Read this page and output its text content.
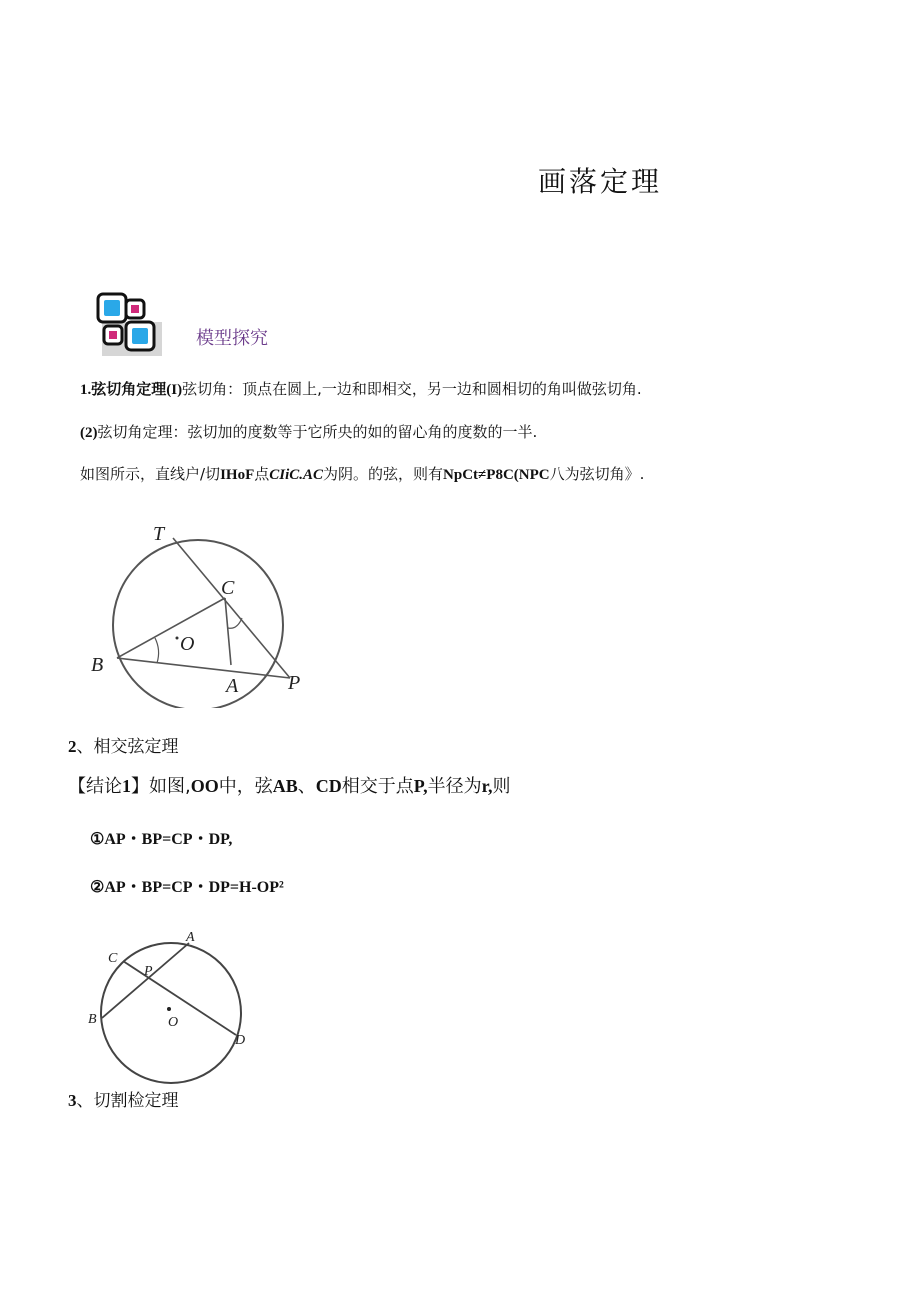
画落定理
模型探究
1.弦切角定理(I)弦切角：顶点在圆上,一边和即相交，另一边和圆相切的角叫做弦切角.
(2)弦切角定理：弦切加的度数等于它所央的如的留心角的度数的一半.
如图所示，直线户/切IHoF点CIiC.AC为阴。的弦，则有NpCt≠P8C(NPC八为弦切角》.
T
C
O
B
A P
2、相交弦定理
【结论1】如图,OO中，弦AB、CD相交于点P,半径为r,则
①AP・BP=CP・DP,
②AP・BP=CP・DP=H-OP²
C
A
P
B	O
D
3、切割检定理
